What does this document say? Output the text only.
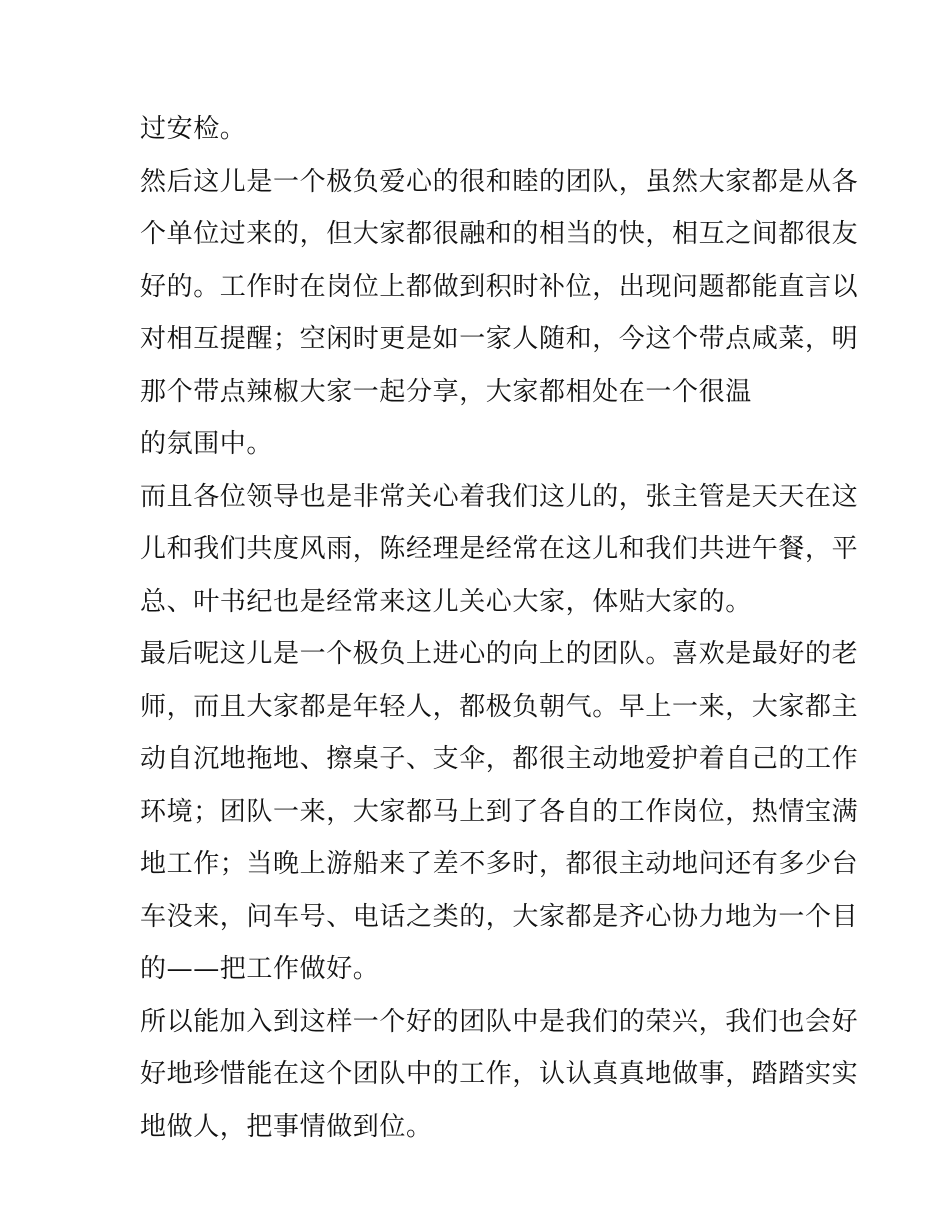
过安检。
然后这儿是一个极负爱心的很和睦的团队，虽然大家都是从各
个单位过来的，但大家都很融和的相当的快，相互之间都很友
好的。工作时在岗位上都做到积时补位，出现问题都能直言以
对相互提醒；空闲时更是如一家人随和，今这个带点咸菜，明
那个带点辣椒大家一起分享，大家都相处在一个很温
的氛围中。
而且各位领导也是非常关心着我们这儿的，张主管是天天在这
儿和我们共度风雨，陈经理是经常在这儿和我们共进午餐，平
总、叶书纪也是经常来这儿关心大家，体贴大家的。
最后呢这儿是一个极负上进心的向上的团队。喜欢是最好的老
师，而且大家都是年轻人，都极负朝气。早上一来，大家都主
动自沉地拖地、擦桌子、支伞，都很主动地爱护着自己的工作
环境；团队一来，大家都马上到了各自的工作岗位，热情宝满
地工作；当晚上游船来了差不多时，都很主动地问还有多少台
车没来，问车号、电话之类的，大家都是齐心协力地为一个目
的——把工作做好。
所以能加入到这样一个好的团队中是我们的荣兴，我们也会好
好地珍惜能在这个团队中的工作，认认真真地做事，踏踏实实
地做人，把事情做到位。
